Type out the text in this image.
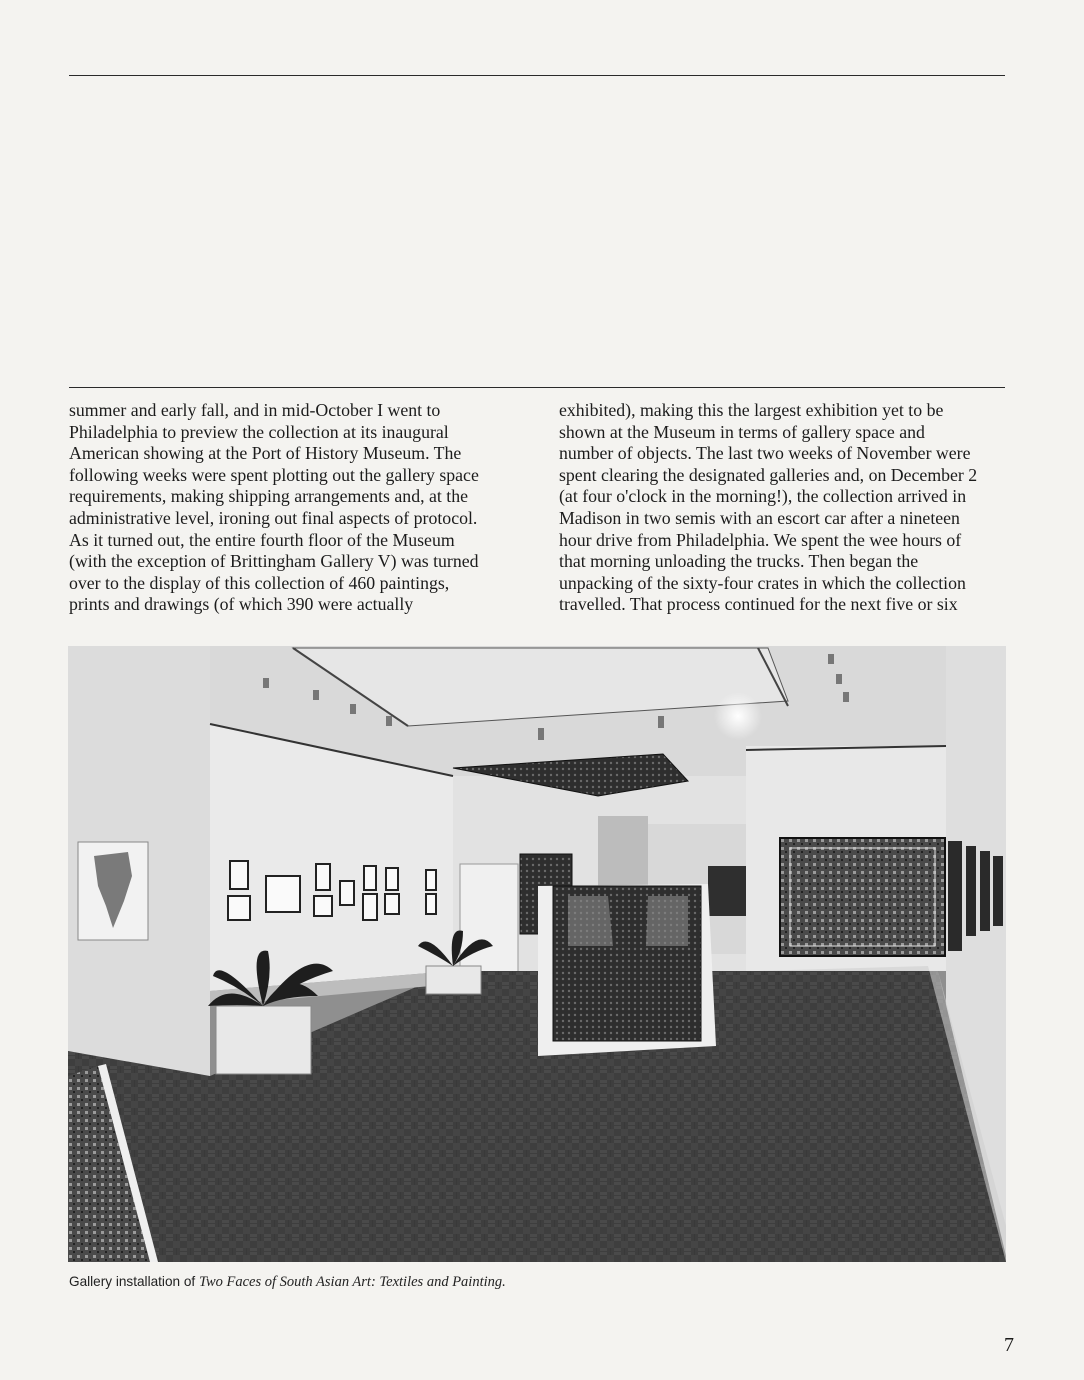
summer and early fall, and in mid-October I went to
Philadelphia to preview the collection at its inaugural
American showing at the Port of History Museum. The
following weeks were spent plotting out the gallery space
requirements, making shipping arrangements and, at the
administrative level, ironing out final aspects of protocol.
As it turned out, the entire fourth floor of the Museum
(with the exception of Brittingham Gallery V) was turned
over to the display of this collection of 460 paintings,
prints and drawings (of which 390 were actually
exhibited), making this the largest exhibition yet to be
shown at the Museum in terms of gallery space and
number of objects. The last two weeks of November were
spent clearing the designated galleries and, on December 2
(at four o'clock in the morning!), the collection arrived in
Madison in two semis with an escort car after a nineteen
hour drive from Philadelphia. We spent the wee hours of
that morning unloading the trucks. Then began the
unpacking of the sixty-four crates in which the collection
travelled. That process continued for the next five or six
Gallery installation of Two Faces of South Asian Art: Textiles and Painting.
7
